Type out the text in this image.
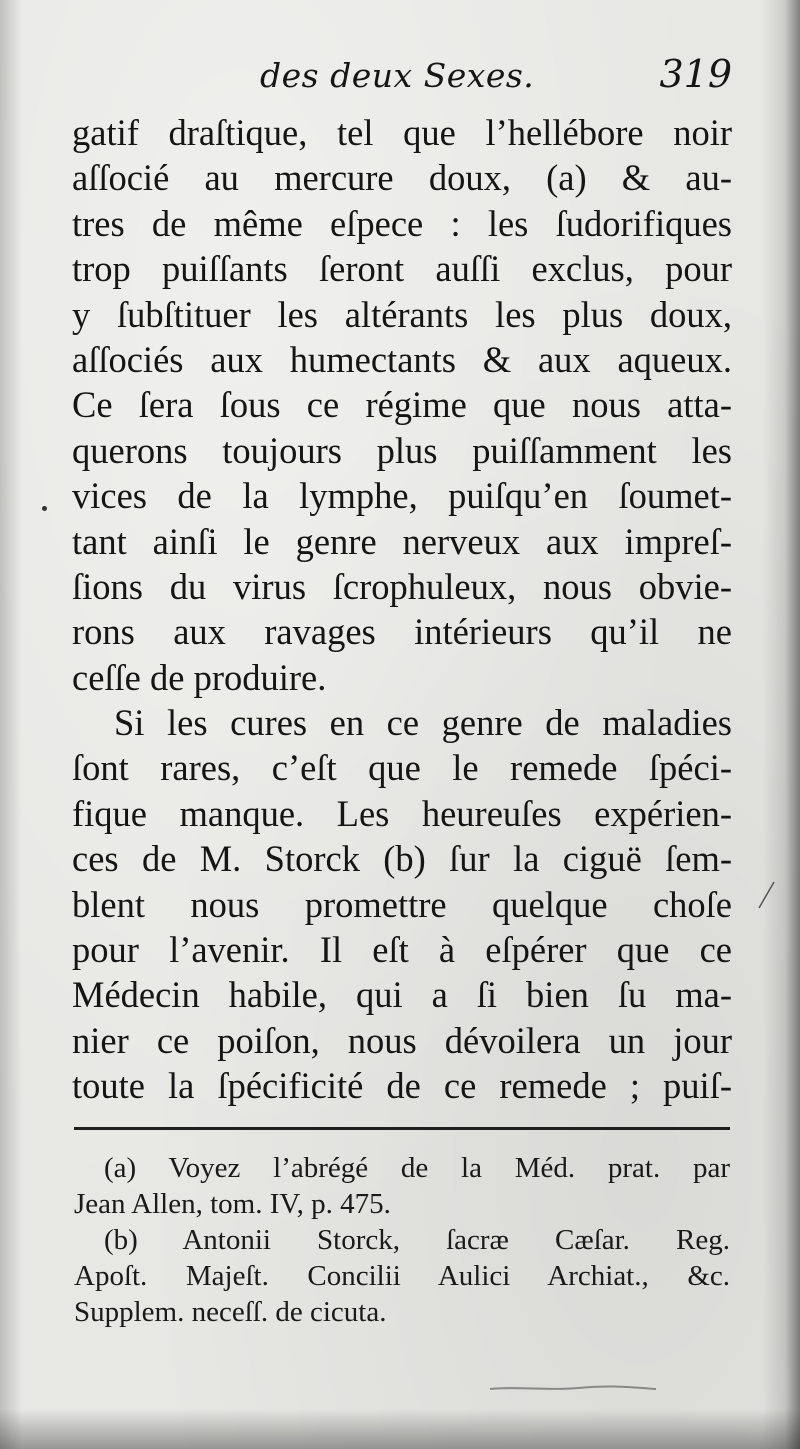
des deux Sexes.	319
gatif draſtique, tel que l’hellébore noir
aſſocié au mercure doux, (a) & au-
tres de même eſpece : les ſudorifiques
trop puiſſants ſeront auſſi exclus, pour
y ſubſtituer les altérants les plus doux,
aſſociés aux humectants & aux aqueux.
Ce ſera ſous ce régime que nous atta-
querons toujours plus puiſſamment les
vices de la lymphe, puiſqu’en ſoumet-
tant ainſi le genre nerveux aux impreſ-
ſions du virus ſcrophuleux, nous obvie-
rons aux ravages intérieurs qu’il ne
ceſſe de produire.
Si les cures en ce genre de maladies
ſont rares, c’eſt que le remede ſpéci-
fique manque. Les heureuſes expérien-
ces de M. Storck (b) ſur la ciguë ſem-
blent nous promettre quelque choſe
pour l’avenir. Il eſt à eſpérer que ce
Médecin habile, qui a ſi bien ſu ma-
nier ce poiſon, nous dévoilera un jour
toute la ſpécificité de ce remede ; puiſ-
(a) Voyez l’abrégé de la Méd. prat. par
Jean Allen, tom. IV, p. 475.
(b) Antonii Storck, ſacræ Cæſar. Reg.
Apoſt. Majeſt. Concilii Aulici Archiat., &c.
Supplem. neceſſ. de cicuta.
